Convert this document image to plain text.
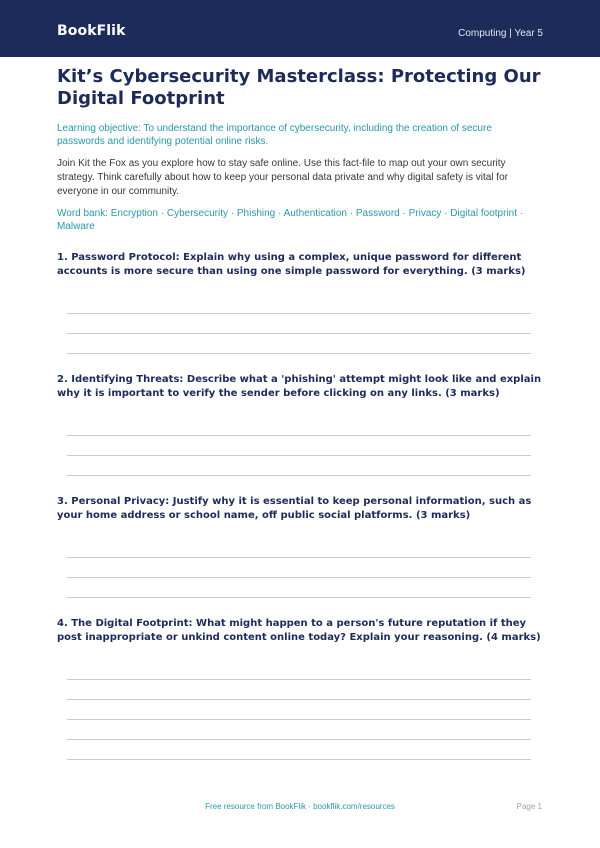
BookFlik	Computing | Year 5
Kit’s Cybersecurity Masterclass: Protecting Our Digital Footprint

Learning objective: To understand the importance of cybersecurity, including the creation of secure passwords and identifying potential online risks.

Join Kit the Fox as you explore how to stay safe online. Use this fact-file to map out your own security strategy. Think carefully about how to keep your personal data private and why digital safety is vital for everyone in our community.

Word bank: Encryption · Cybersecurity · Phishing · Authentication · Password · Privacy · Digital footprint · Malware

1. Password Protocol: Explain why using a complex, unique password for different accounts is more secure than using one simple password for everything. (3 marks)

2. Identifying Threats: Describe what a 'phishing' attempt might look like and explain why it is important to verify the sender before clicking on any links. (3 marks)

3. Personal Privacy: Justify why it is essential to keep personal information, such as your home address or school name, off public social platforms. (3 marks)

4. The Digital Footprint: What might happen to a person's future reputation if they post inappropriate or unkind content online today? Explain your reasoning. (4 marks)

Free resource from BookFlik · bookflik.com/resources	Page 1
